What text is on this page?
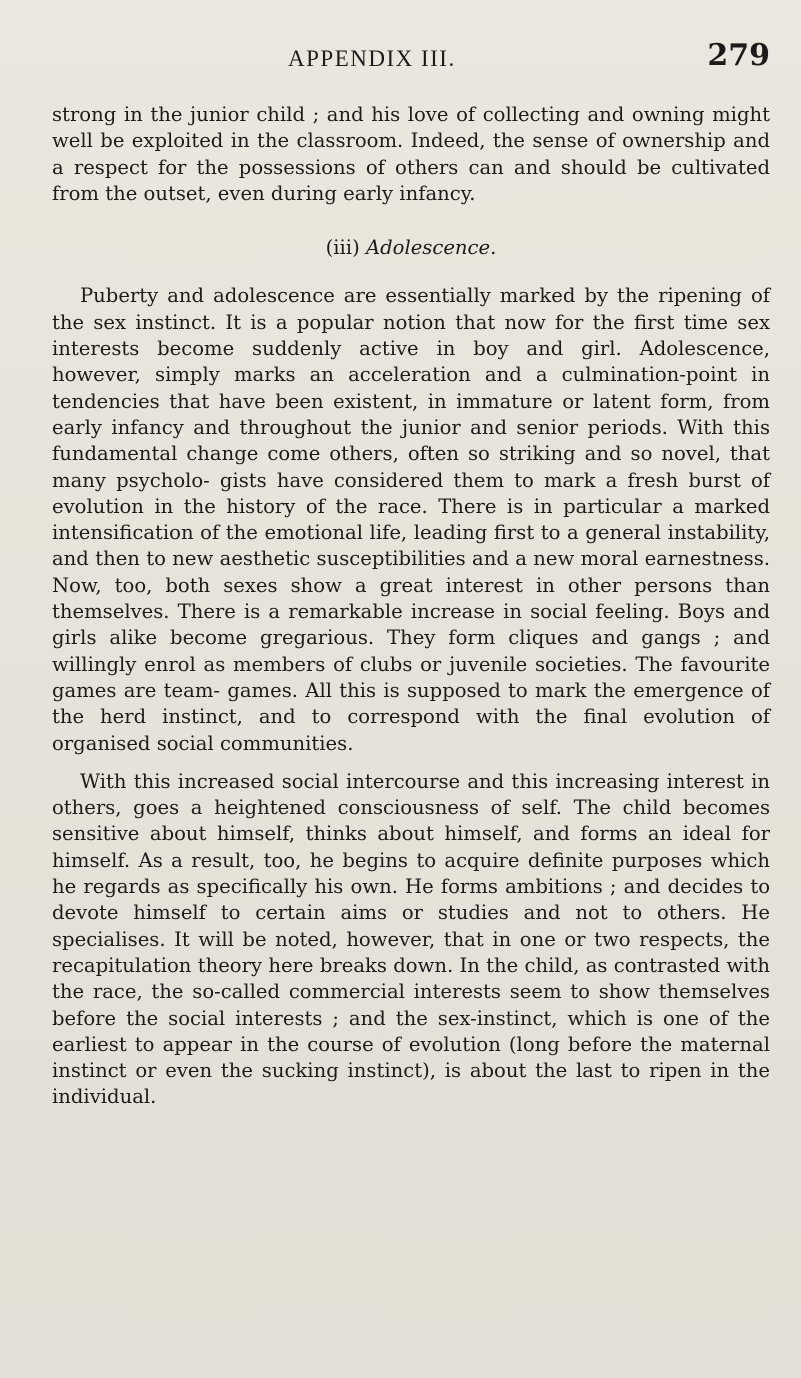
APPENDIX III.	279

strong in the junior child ; and his love of collecting and owning might well be exploited in the classroom. Indeed, the sense of ownership and a respect for the possessions of others can and should be cultivated from the outset, even during early infancy.

(iii) Adolescence.

Puberty and adolescence are essentially marked by the ripening of the sex instinct. It is a popular notion that now for the first time sex interests become suddenly active in boy and girl. Adolescence, however, simply marks an acceleration and a culmination-point in tendencies that have been existent, in immature or latent form, from early infancy and throughout the junior and senior periods. With this fundamental change come others, often so striking and so novel, that many psycholo- gists have considered them to mark a fresh burst of evolution in the history of the race. There is in particular a marked intensification of the emotional life, leading first to a general instability, and then to new aesthetic susceptibilities and a new moral earnestness. Now, too, both sexes show a great interest in other persons than themselves. There is a remarkable increase in social feeling. Boys and girls alike become gregarious. They form cliques and gangs ; and willingly enrol as members of clubs or juvenile societies. The favourite games are team- games. All this is supposed to mark the emergence of the herd instinct, and to correspond with the final evolution of organised social communities.

With this increased social intercourse and this increasing interest in others, goes a heightened consciousness of self. The child becomes sensitive about himself, thinks about himself, and forms an ideal for himself. As a result, too, he begins to acquire definite purposes which he regards as specifically his own. He forms ambitions ; and decides to devote himself to certain aims or studies and not to others. He specialises. It will be noted, however, that in one or two respects, the recapitulation theory here breaks down. In the child, as contrasted with the race, the so-called commercial interests seem to show themselves before the social interests ; and the sex-instinct, which is one of the earliest to appear in the course of evolution (long before the maternal instinct or even the sucking instinct), is about the last to ripen in the individual.
